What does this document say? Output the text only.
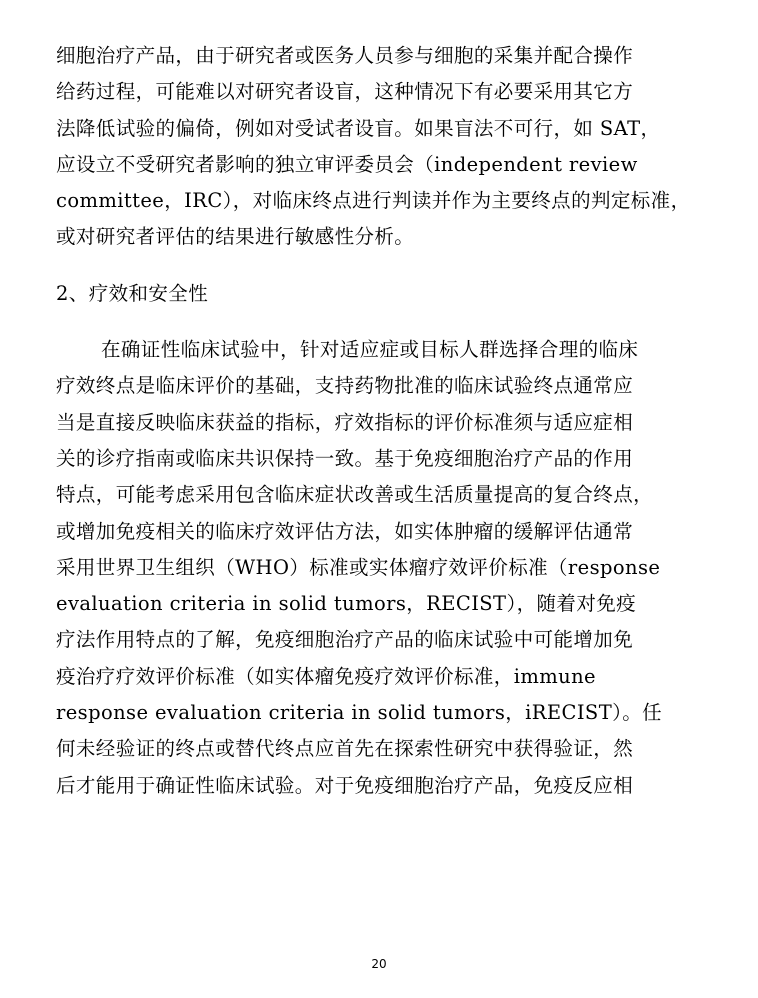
细胞治疗产品，由于研究者或医务人员参与细胞的采集并配合操作
给药过程，可能难以对研究者设盲，这种情况下有必要采用其它方
法降低试验的偏倚，例如对受试者设盲。如果盲法不可行，如 SAT，
应设立不受研究者影响的独立审评委员会（independent review
committee，IRC），对临床终点进行判读并作为主要终点的判定标准，
或对研究者评估的结果进行敏感性分析。
2、疗效和安全性
在确证性临床试验中，针对适应症或目标人群选择合理的临床
疗效终点是临床评价的基础，支持药物批准的临床试验终点通常应
当是直接反映临床获益的指标，疗效指标的评价标准须与适应症相
关的诊疗指南或临床共识保持一致。基于免疫细胞治疗产品的作用
特点，可能考虑采用包含临床症状改善或生活质量提高的复合终点，
或增加免疫相关的临床疗效评估方法，如实体肿瘤的缓解评估通常
采用世界卫生组织（WHO）标准或实体瘤疗效评价标准（response
evaluation criteria in solid tumors，RECIST），随着对免疫
疗法作用特点的了解，免疫细胞治疗产品的临床试验中可能增加免
疫治疗疗效评价标准（如实体瘤免疫疗效评价标准，immune
response evaluation criteria in solid tumors，iRECIST）。任
何未经验证的终点或替代终点应首先在探索性研究中获得验证，然
后才能用于确证性临床试验。对于免疫细胞治疗产品，免疫反应相
20
